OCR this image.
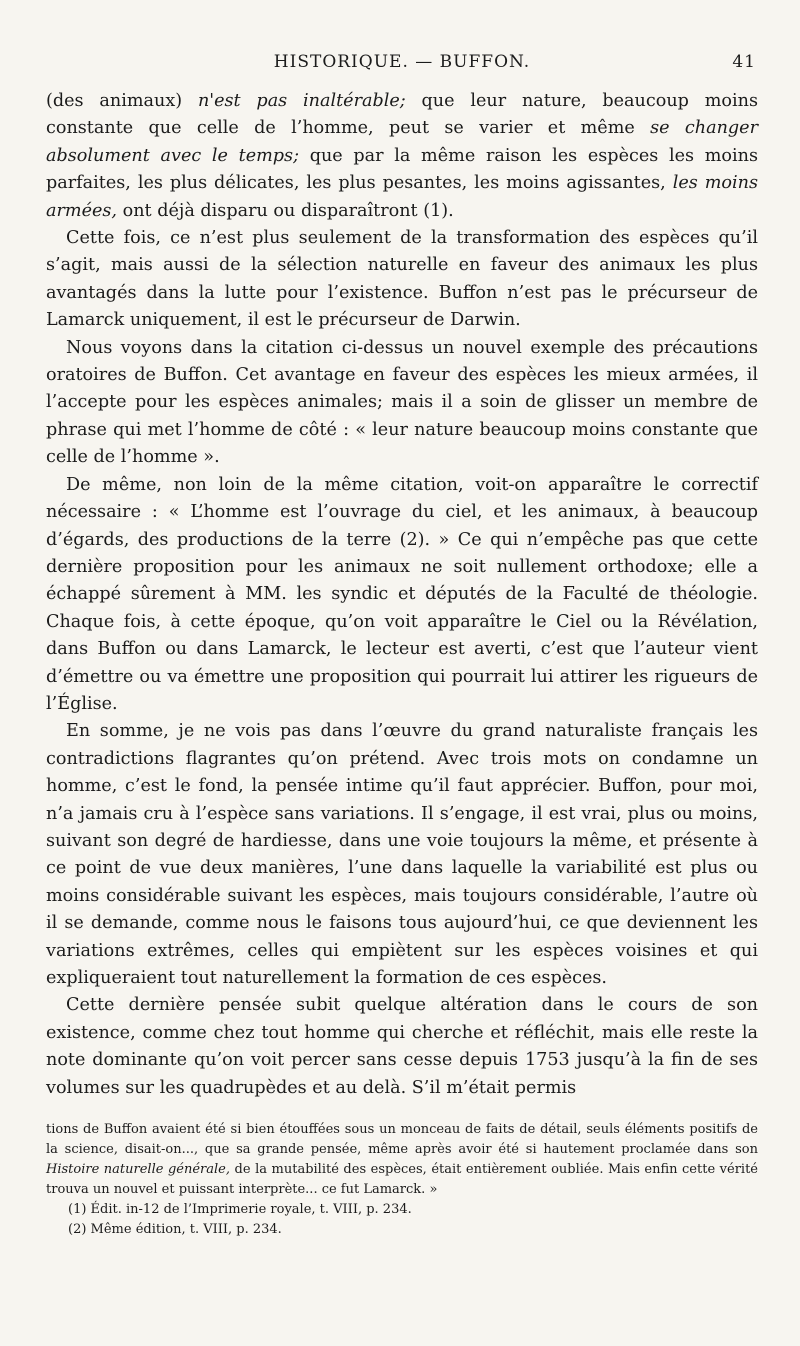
HISTORIQUE. — BUFFON.	41

(des animaux) n'est pas inaltérable; que leur nature, beaucoup moins constante que celle de l’homme, peut se varier et même se changer absolument avec le temps; que par la même raison les espèces les moins parfaites, les plus délicates, les plus pesantes, les moins agissantes, les moins armées, ont déjà disparu ou disparaîtront (1).

Cette fois, ce n’est plus seulement de la transformation des espèces qu’il s’agit, mais aussi de la sélection naturelle en faveur des animaux les plus avantagés dans la lutte pour l’existence. Buffon n’est pas le précurseur de Lamarck uniquement, il est le précurseur de Darwin.

Nous voyons dans la citation ci-dessus un nouvel exemple des précautions oratoires de Buffon. Cet avantage en faveur des espèces les mieux armées, il l’accepte pour les espèces animales; mais il a soin de glisser un membre de phrase qui met l’homme de côté : « leur nature beaucoup moins constante que celle de l’homme ».

De même, non loin de la même citation, voit-on apparaître le correctif nécessaire : « L’homme est l’ouvrage du ciel, et les animaux, à beaucoup d’égards, des productions de la terre (2). » Ce qui n’empêche pas que cette dernière proposition pour les animaux ne soit nullement orthodoxe; elle a échappé sûrement à MM. les syndic et députés de la Faculté de théologie. Chaque fois, à cette époque, qu’on voit apparaître le Ciel ou la Révélation, dans Buffon ou dans Lamarck, le lecteur est averti, c’est que l’auteur vient d’émettre ou va émettre une proposition qui pourrait lui attirer les rigueurs de l’Église.

En somme, je ne vois pas dans l’œuvre du grand naturaliste français les contradictions flagrantes qu’on prétend. Avec trois mots on condamne un homme, c’est le fond, la pensée intime qu’il faut apprécier. Buffon, pour moi, n’a jamais cru à l’espèce sans variations. Il s’engage, il est vrai, plus ou moins, suivant son degré de hardiesse, dans une voie toujours la même, et présente à ce point de vue deux manières, l’une dans laquelle la variabilité est plus ou moins considérable suivant les espèces, mais toujours considérable, l’autre où il se demande, comme nous le faisons tous aujourd’hui, ce que deviennent les variations extrêmes, celles qui empiètent sur les espèces voisines et qui expliqueraient tout naturellement la formation de ces espèces.

Cette dernière pensée subit quelque altération dans le cours de son existence, comme chez tout homme qui cherche et réfléchit, mais elle reste la note dominante qu’on voit percer sans cesse depuis 1753 jusqu’à la fin de ses volumes sur les quadrupèdes et au delà. S’il m’était permis

tions de Buffon avaient été si bien étouffées sous un monceau de faits de détail, seuls éléments positifs de la science, disait-on..., que sa grande pensée, même après avoir été si hautement proclamée dans son Histoire naturelle générale, de la mutabilité des espèces, était entièrement oubliée. Mais enfin cette vérité trouva un nouvel et puissant interprète... ce fut Lamarck. »

(1) Édit. in-12 de l’Imprimerie royale, t. VIII, p. 234.

(2) Même édition, t. VIII, p. 234.
